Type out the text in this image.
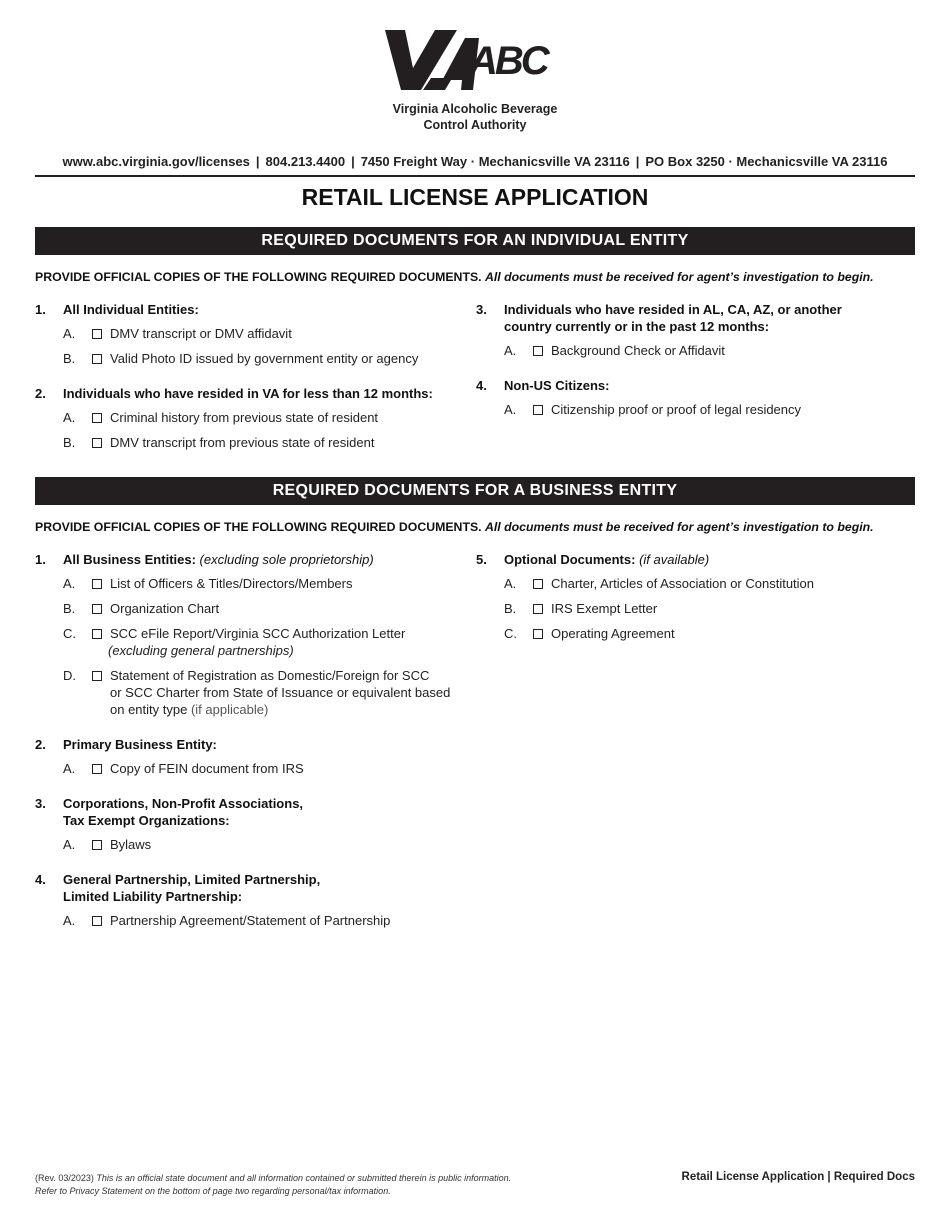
ABC
Virginia Alcoholic Beverage
Control Authority
www.abc.virginia.gov/licenses | 804.213.4400 | 7450 Freight Way · Mechanicsville VA 23116 | PO Box 3250 · Mechanicsville VA 23116
RETAIL LICENSE APPLICATION
REQUIRED DOCUMENTS FOR AN INDIVIDUAL ENTITY
PROVIDE OFFICIAL COPIES OF THE FOLLOWING REQUIRED DOCUMENTS. All documents must be received for agent’s investigation to begin.
1.	All Individual Entities:
A.	DMV transcript or DMV affidavit
B.	Valid Photo ID issued by government entity or agency
2.	Individuals who have resided in VA for less than 12 months:
A.	Criminal history from previous state of resident
B.	DMV transcript from previous state of resident
3.	Individuals who have resided in AL, CA, AZ, or another
country currently or in the past 12 months:
A.	Background Check or Affidavit
4.	Non-US Citizens:
A.	Citizenship proof or proof of legal residency
REQUIRED DOCUMENTS FOR A BUSINESS ENTITY
PROVIDE OFFICIAL COPIES OF THE FOLLOWING REQUIRED DOCUMENTS. All documents must be received for agent’s investigation to begin.
1.	All Business Entities: (excluding sole proprietorship)
A.	List of Officers & Titles/Directors/Members
B.	Organization Chart
C.	SCC eFile Report/Virginia SCC Authorization Letter
(excluding general partnerships)
D.	Statement of Registration as Domestic/Foreign for SCC
or SCC Charter from State of Issuance or equivalent based
on entity type (if applicable)
2.	Primary Business Entity:
A.	Copy of FEIN document from IRS
3.	Corporations, Non-Profit Associations,
Tax Exempt Organizations:
A.	Bylaws
4.	General Partnership, Limited Partnership,
Limited Liability Partnership:
A.	Partnership Agreement/Statement of Partnership
5.	Optional Documents: (if available)
A.	Charter, Articles of Association or Constitution
B.	IRS Exempt Letter
C.	Operating Agreement
(Rev. 03/2023) This is an official state document and all information contained or submitted therein is public information.
Refer to Privacy Statement on the bottom of page two regarding personal/tax information.
Retail License Application | Required Docs
